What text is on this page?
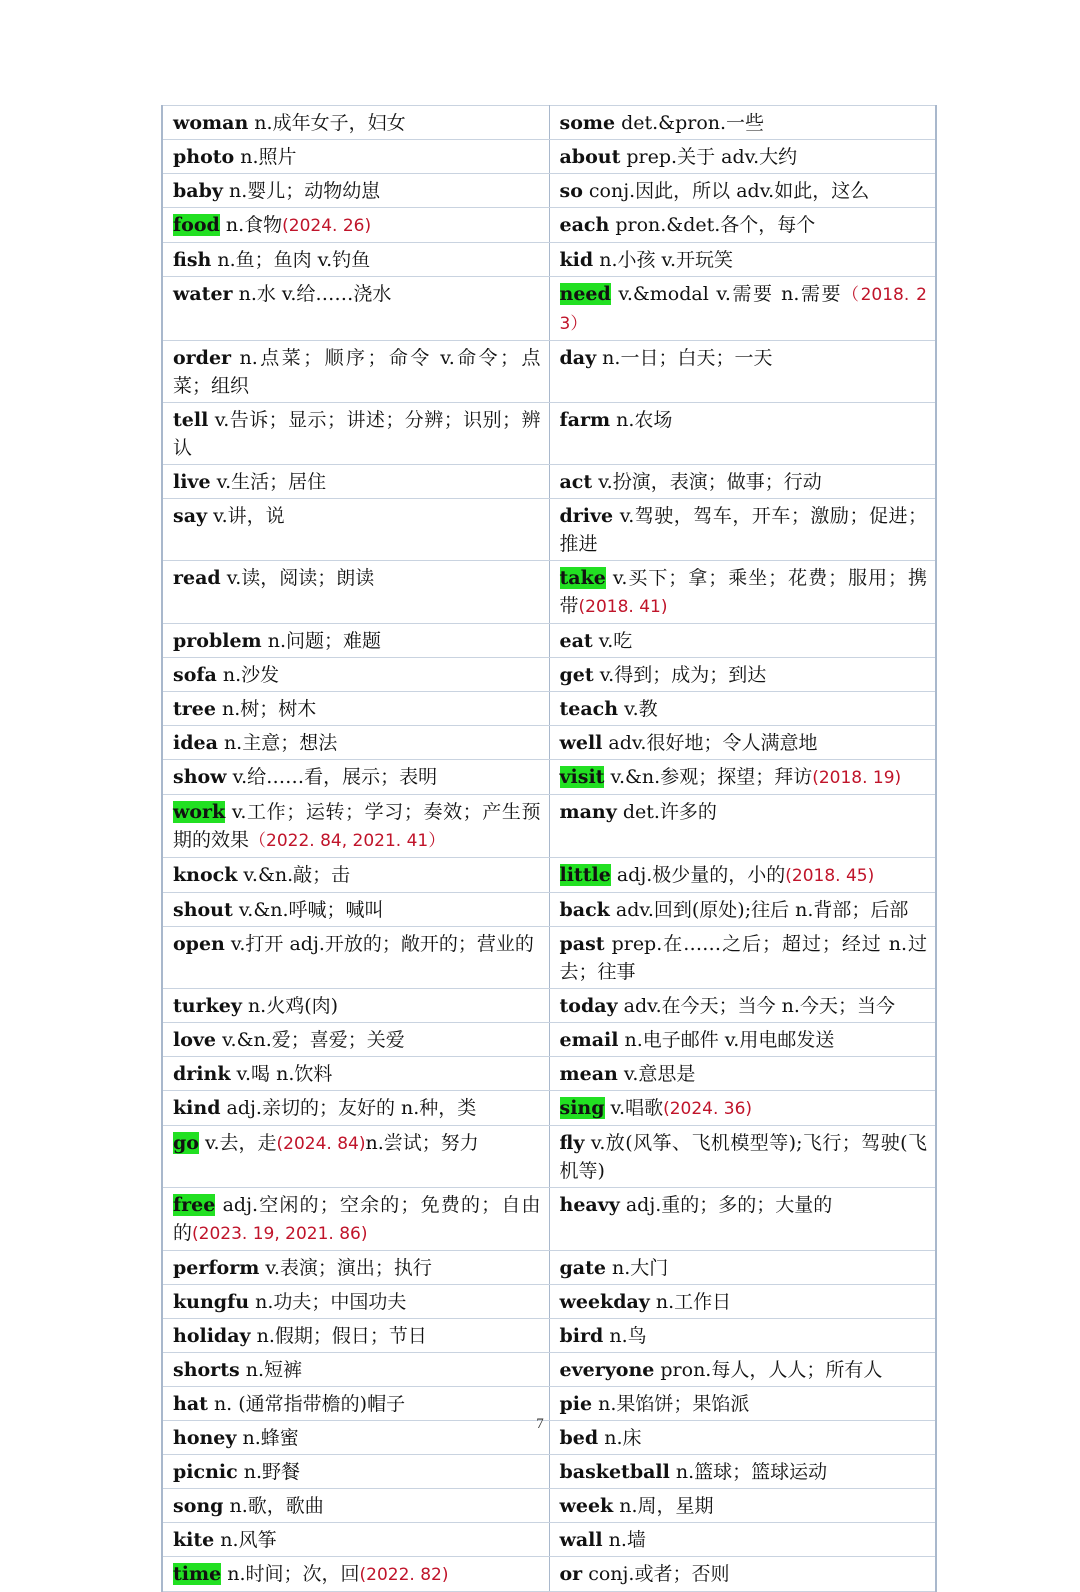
woman n.成年女子，妇女	some det.&pron.一些
photo n.照片	about prep.关于 adv.大约
baby n.婴儿；动物幼崽	so conj.因此，所以 adv.如此，这么
food n.食物(2024. 26)	each pron.&det.各个，每个
fish n.鱼；鱼肉 v.钓鱼	kid n.小孩 v.开玩笑
water n.水 v.给……浇水	need v.&modal v.需要 n.需要（2018. 23）
order n.点菜；顺序；命令 v.命令；点菜；组织	day n.一日；白天；一天
tell v.告诉；显示；讲述；分辨；识别；辨认	farm n.农场
live v.生活；居住	act v.扮演，表演；做事；行动
say v.讲，说	drive v.驾驶，驾车，开车；激励；促进；推进
read v.读，阅读；朗读	take v.买下；拿；乘坐；花费；服用；携带(2018. 41)
problem n.问题；难题	eat v.吃
sofa n.沙发	get v.得到；成为；到达
tree n.树；树木	teach v.教
idea n.主意；想法	well adv.很好地；令人满意地
show v.给……看，展示；表明	visit v.&n.参观；探望；拜访(2018. 19)
work v.工作；运转；学习；奏效；产生预期的效果（2022. 84, 2021. 41）	many det.许多的
knock v.&n.敲；击	little adj.极少量的，小的(2018. 45)
shout v.&n.呼喊；喊叫	back adv.回到(原处);往后 n.背部；后部
open v.打开 adj.开放的；敞开的；营业的	past prep.在……之后；超过；经过 n.过去；往事
turkey n.火鸡(肉)	today adv.在今天；当今 n.今天；当今
love v.&n.爱；喜爱；关爱	email n.电子邮件 v.用电邮发送
drink v.喝 n.饮料	mean v.意思是
kind adj.亲切的；友好的 n.种，类	sing v.唱歌(2024. 36)
go v.去，走(2024. 84)n.尝试；努力	fly v.放(风筝、飞机模型等);飞行；驾驶(飞机等)
free adj.空闲的；空余的；免费的；自由的(2023. 19, 2021. 86)	heavy adj.重的；多的；大量的
perform v.表演；演出；执行	gate n.大门
kungfu n.功夫；中国功夫	weekday n.工作日
holiday n.假期；假日；节日	bird n.鸟
shorts n.短裤	everyone pron.每人，人人；所有人
hat n. (通常指带檐的)帽子	pie n.果馅饼；果馅派
honey n.蜂蜜	bed n.床
picnic n.野餐	basketball n.篮球；篮球运动
song n.歌，歌曲	week n.周，星期
kite n.风筝	wall n.墙
time n.时间；次，回(2022. 82)	or conj.或者；否则
7
